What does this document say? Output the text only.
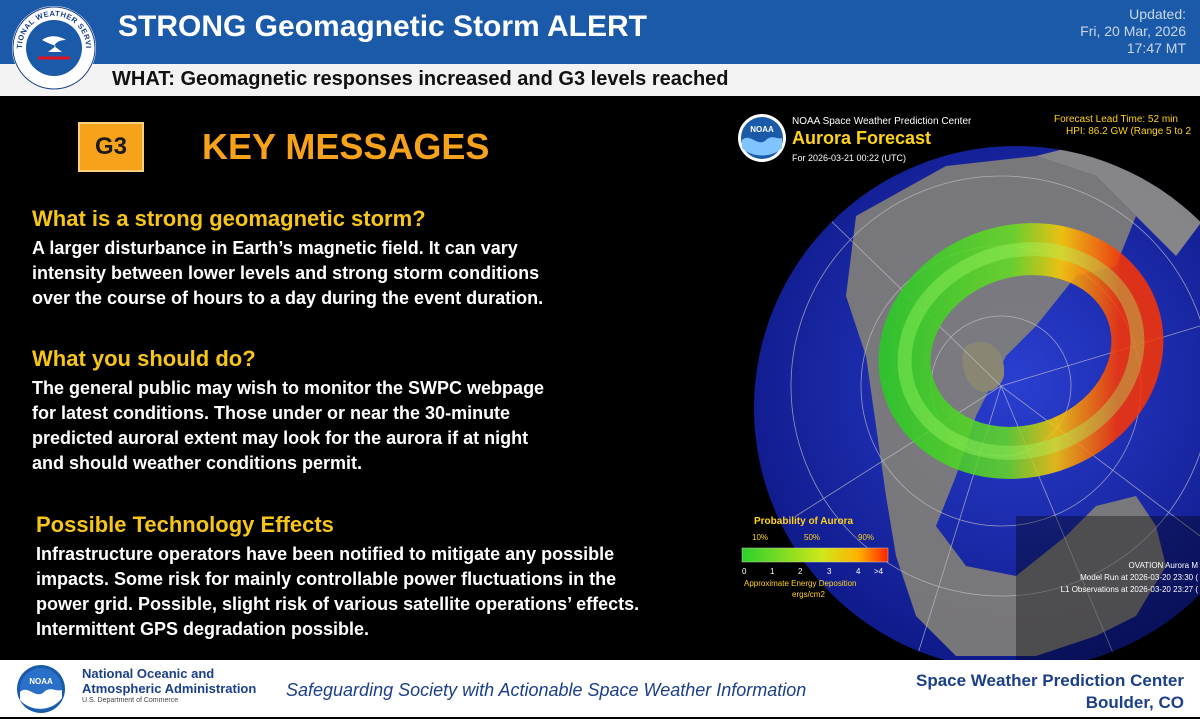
STRONG Geomagnetic Storm ALERT	Updated:
Fri, 20 Mar, 2026
17:47 MT
TIONAL WEATHER SERVI
WHAT: Geomagnetic responses increased and G3 levels reached
G3	KEY MESSAGES
What is a strong geomagnetic storm?
A larger disturbance in Earth’s magnetic field. It can vary
intensity between lower levels and strong storm conditions
over the course of hours to a day during the event duration.
What you should do?
The general public may wish to monitor the SWPC webpage
for latest conditions. Those under or near the 30-minute
predicted auroral extent may look for the aurora if at night
and should weather conditions permit.
Possible Technology Effects
Infrastructure operators have been notified to mitigate any possible
impacts. Some risk for mainly controllable power fluctuations in the
power grid. Possible, slight risk of various satellite operations’ effects.
Intermittent GPS degradation possible.
NOAA
NOAA Space Weather Prediction Center
Aurora Forecast
For 2026-03-21 00:22 (UTC)
Forecast Lead Time: 52 min
HPI: 86.2 GW (Range 5 to 2
Probability of Aurora
10%	50%	90%
0	1	2	3	4 >4
Approximate Energy Deposition
ergs/cm2
OVATION Aurora M
Model Run at 2026-03-20 23:30 (
L1 Observations at 2026-03-20 23:27 (
NOAA
National Oceanic and
Atmospheric Administration
U.S. Department of Commerce
Safeguarding Society with Actionable Space Weather Information	Space Weather Prediction Center
Boulder, CO
